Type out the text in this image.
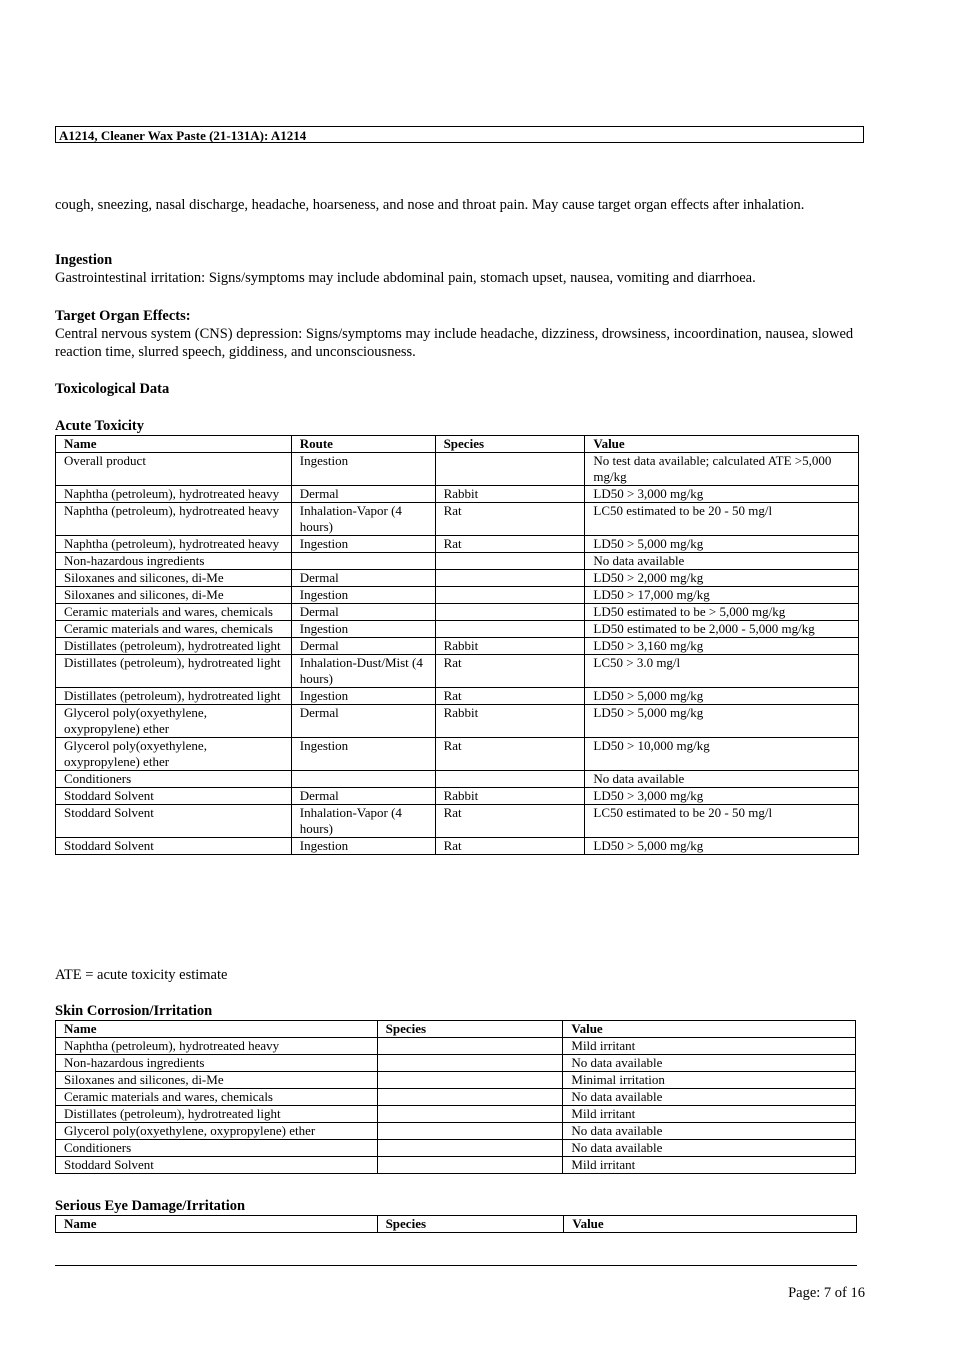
A1214, Cleaner Wax Paste (21-131A): A1214
cough, sneezing, nasal discharge, headache, hoarseness, and nose and throat pain. May cause target organ effects after inhalation.
Ingestion
Gastrointestinal irritation: Signs/symptoms may include abdominal pain, stomach upset, nausea, vomiting and diarrhoea.
Target Organ Effects:
Central nervous system (CNS) depression: Signs/symptoms may include headache, dizziness, drowsiness, incoordination, nausea, slowed reaction time, slurred speech, giddiness, and unconsciousness.
Toxicological Data
Acute Toxicity
Name	Route	Species	Value
Overall product	Ingestion		No test data available; calculated ATE >5,000 mg/kg
Naphtha (petroleum), hydrotreated heavy	Dermal	Rabbit	LD50 > 3,000 mg/kg
Naphtha (petroleum), hydrotreated heavy	Inhalation-Vapor (4 hours)	Rat	LC50 estimated to be 20 - 50 mg/l
Naphtha (petroleum), hydrotreated heavy	Ingestion	Rat	LD50 > 5,000 mg/kg
Non-hazardous ingredients			No data available
Siloxanes and silicones, di-Me	Dermal		LD50 > 2,000 mg/kg
Siloxanes and silicones, di-Me	Ingestion		LD50 > 17,000 mg/kg
Ceramic materials and wares, chemicals	Dermal		LD50 estimated to be > 5,000 mg/kg
Ceramic materials and wares, chemicals	Ingestion		LD50 estimated to be 2,000 - 5,000 mg/kg
Distillates (petroleum), hydrotreated light	Dermal	Rabbit	LD50 > 3,160 mg/kg
Distillates (petroleum), hydrotreated light	Inhalation-Dust/Mist (4 hours)	Rat	LC50 > 3.0 mg/l
Distillates (petroleum), hydrotreated light	Ingestion	Rat	LD50 > 5,000 mg/kg
Glycerol poly(oxyethylene, oxypropylene) ether	Dermal	Rabbit	LD50 > 5,000 mg/kg
Glycerol poly(oxyethylene, oxypropylene) ether	Ingestion	Rat	LD50 > 10,000 mg/kg
Conditioners			No data available
Stoddard Solvent	Dermal	Rabbit	LD50 > 3,000 mg/kg
Stoddard Solvent	Inhalation-Vapor (4 hours)	Rat	LC50 estimated to be 20 - 50 mg/l
Stoddard Solvent	Ingestion	Rat	LD50 > 5,000 mg/kg
ATE = acute toxicity estimate
Skin Corrosion/Irritation
Name	Species	Value
Naphtha (petroleum), hydrotreated heavy		Mild irritant
Non-hazardous ingredients		No data available
Siloxanes and silicones, di-Me		Minimal irritation
Ceramic materials and wares, chemicals		No data available
Distillates (petroleum), hydrotreated light		Mild irritant
Glycerol poly(oxyethylene, oxypropylene) ether		No data available
Conditioners		No data available
Stoddard Solvent		Mild irritant
Serious Eye Damage/Irritation
Name	Species	Value
Page: 7 of 16
